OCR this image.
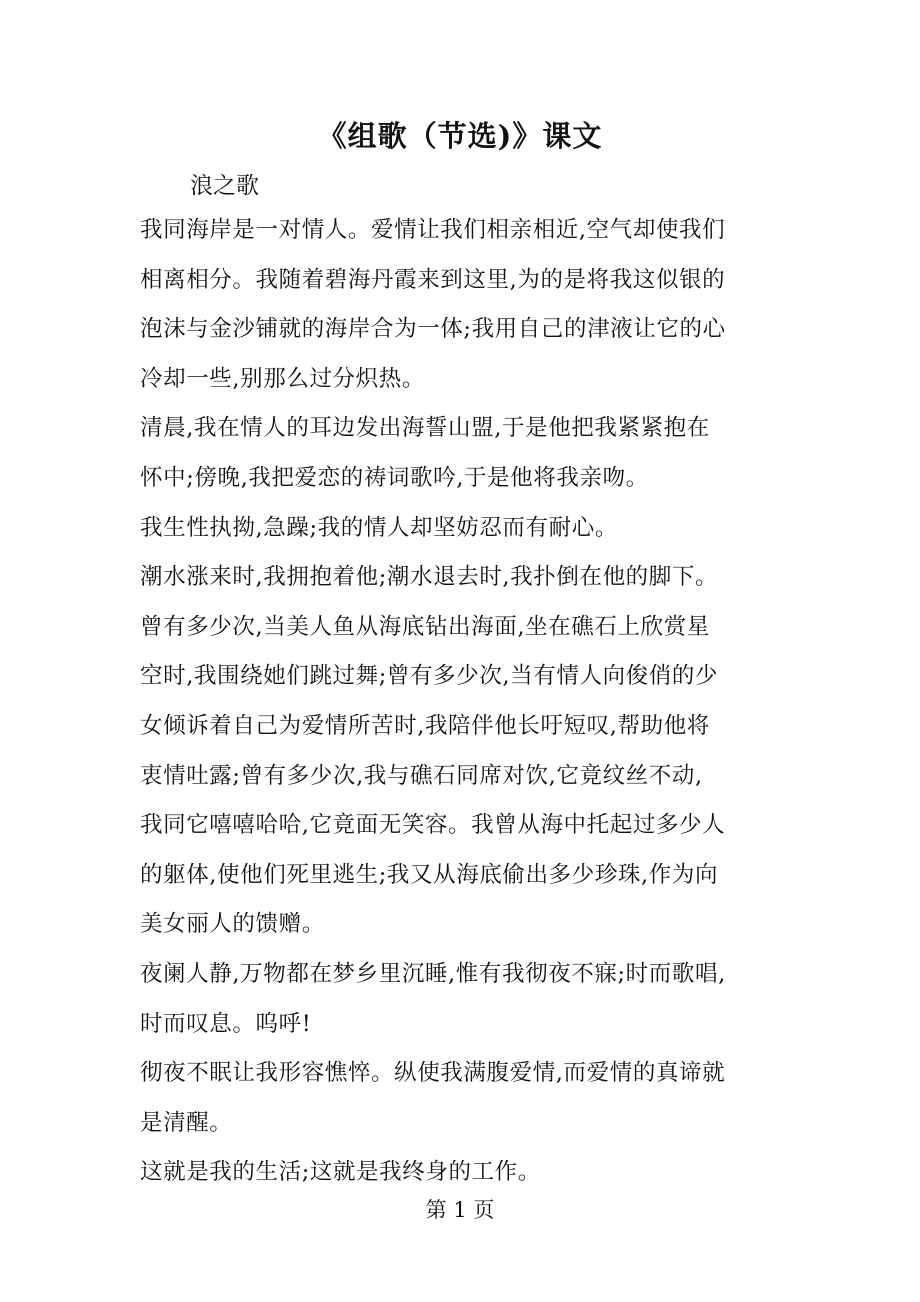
《组歌（节选)》课文
浪之歌
我同海岸是一对情人。爱情让我们相亲相近,空气却使我们
相离相分。我随着碧海丹霞来到这里,为的是将我这似银的
泡沫与金沙铺就的海岸合为一体;我用自己的津液让它的心
冷却一些,别那么过分炽热。
清晨,我在情人的耳边发出海誓山盟,于是他把我紧紧抱在
怀中;傍晚,我把爱恋的祷词歌吟,于是他将我亲吻。
我生性执拗,急躁;我的情人却坚妨忍而有耐心。
潮水涨来时,我拥抱着他;潮水退去时,我扑倒在他的脚下。
曾有多少次,当美人鱼从海底钻出海面,坐在礁石上欣赏星
空时,我围绕她们跳过舞;曾有多少次,当有情人向俊俏的少
女倾诉着自己为爱情所苦时,我陪伴他长吁短叹,帮助他将
衷情吐露;曾有多少次,我与礁石同席对饮,它竟纹丝不动,
我同它嘻嘻哈哈,它竟面无笑容。我曾从海中托起过多少人
的躯体,使他们死里逃生;我又从海底偷出多少珍珠,作为向
美女丽人的馈赠。
夜阑人静,万物都在梦乡里沉睡,惟有我彻夜不寐;时而歌唱,
时而叹息。呜呼!
彻夜不眠让我形容憔悴。纵使我满腹爱情,而爱情的真谛就
是清醒。
这就是我的生活;这就是我终身的工作。
第 1 页
